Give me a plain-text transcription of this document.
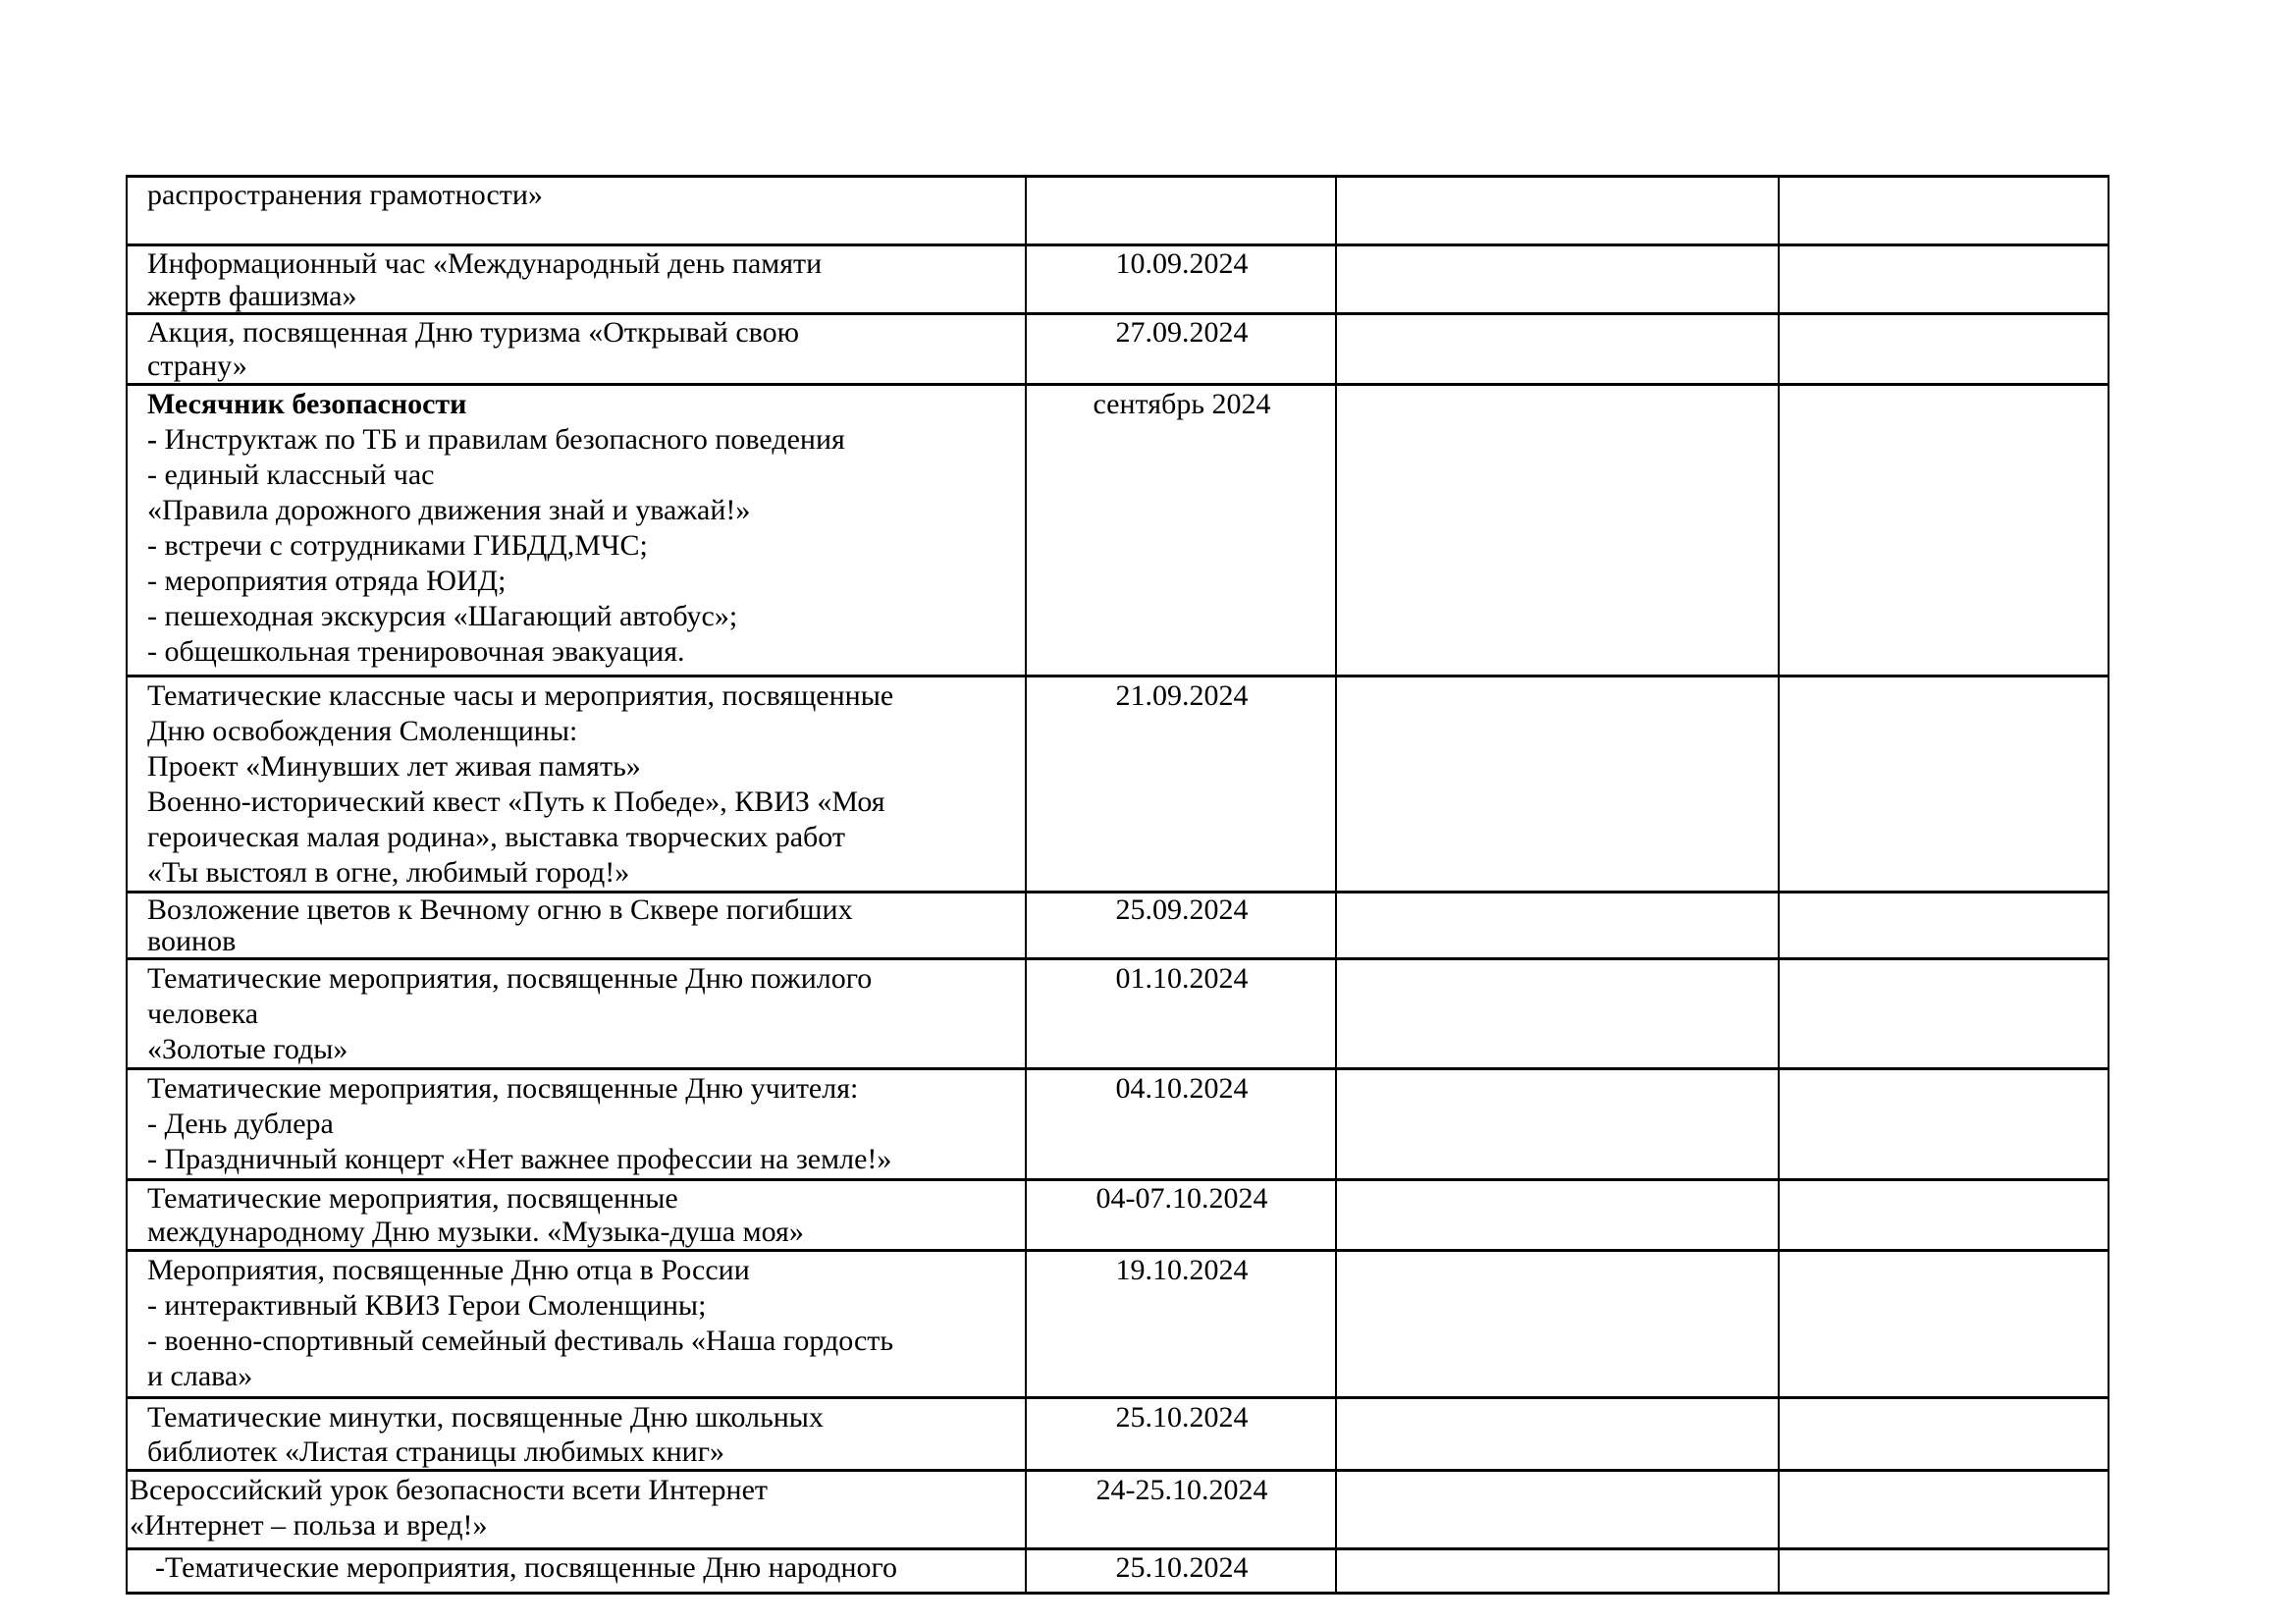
распространения грамотности»			

Информационный час «Международный день памяти
жертв фашизма»	10.09.2024		

Акция, посвященная Дню туризма «Открывай свою
страну»	27.09.2024		

Месячник безопасности
- Инструктаж по ТБ и правилам безопасного поведения
- единый классный час
«Правила дорожного движения знай и уважай!»
- встречи с сотрудниками ГИБДД,МЧС;
- мероприятия отряда ЮИД;
- пешеходная экскурсия «Шагающий автобус»;
- общешкольная тренировочная эвакуация.
	сентябрь 2024		

Тематические классные часы и мероприятия, посвященные
Дню освобождения Смоленщины:
Проект «Минувших лет живая память»
Военно-исторический квест «Путь к Победе», КВИЗ «Моя
героическая малая родина», выставка творческих работ
«Ты выстоял в огне, любимый город!»
	21.09.2024		

Возложение цветов к Вечному огню в Сквере погибших
воинов	25.09.2024		

Тематические мероприятия, посвященные Дню пожилого
человека
«Золотые годы»	01.10.2024		

Тематические мероприятия, посвященные Дню учителя:
- День дублера
- Праздничный концерт «Нет важнее профессии на земле!»	04.10.2024		

Тематические мероприятия, посвященные
международному Дню музыки. «Музыка-душа моя»	04-07.10.2024		

Мероприятия, посвященные Дню отца в России
- интерактивный КВИЗ Герои Смоленщины;
- военно-спортивный семейный фестиваль «Наша гордость
и слава»	19.10.2024		

Тематические минутки, посвященные Дню школьных
библиотек «Листая страницы любимых книг»	25.10.2024		

Всероссийский урок безопасности всети Интернет
«Интернет – польза и вред!»	24-25.10.2024		

-Тематические мероприятия, посвященные Дню народного	25.10.2024		
